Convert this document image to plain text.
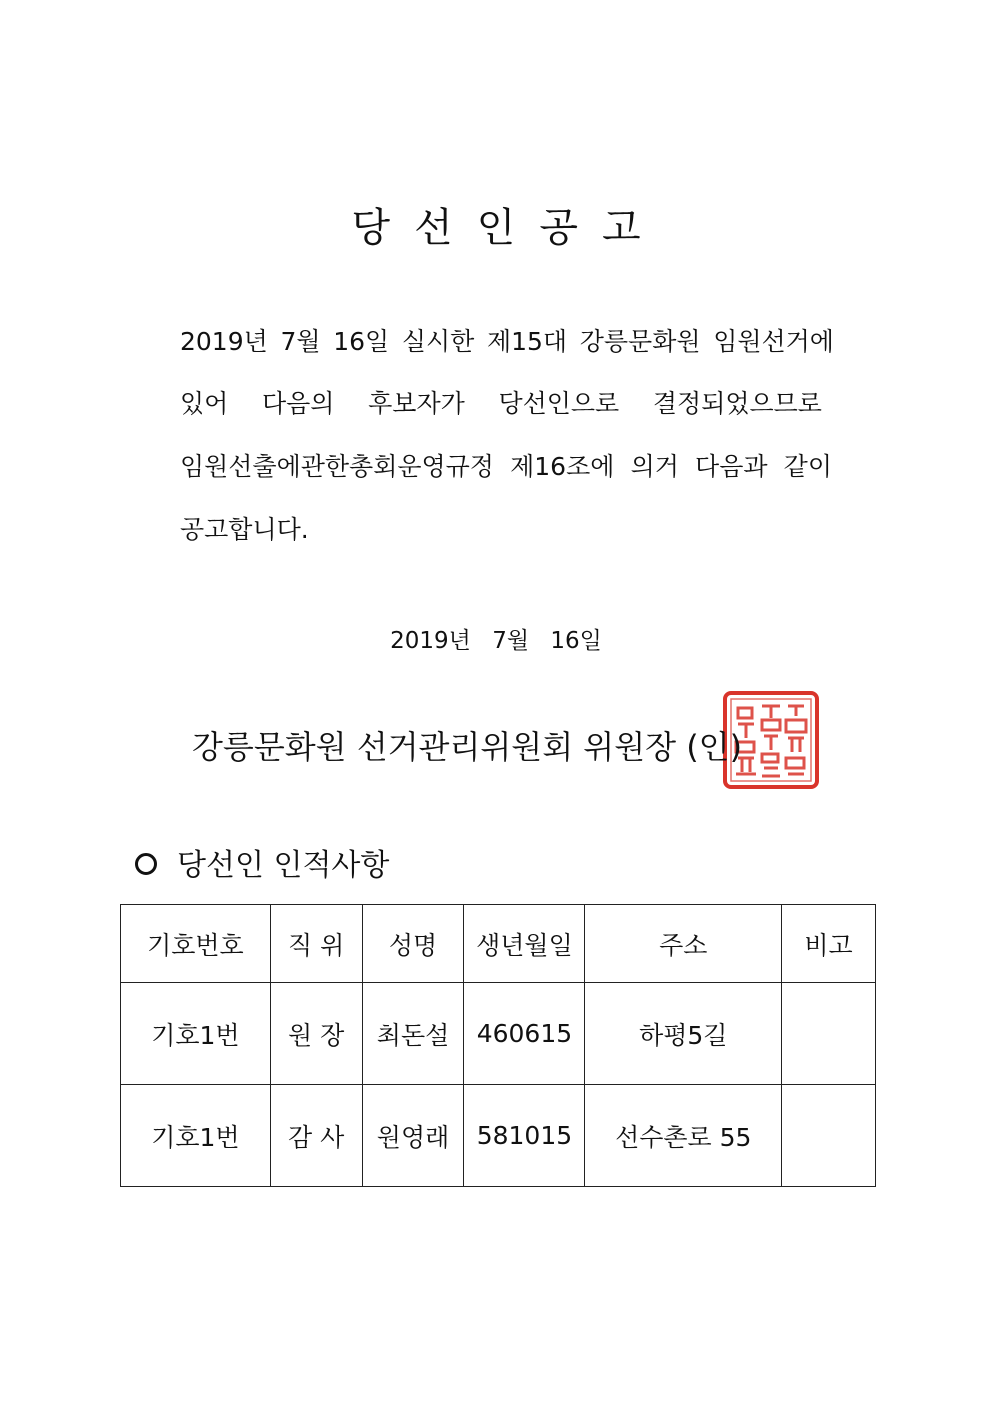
당 선 인 공 고
2019년 7월 16일 실시한 제15대 강릉문화원 임원선거에
있어 다음의 후보자가 당선인으로 결정되었으므로
임원선출에관한총회운영규정 제16조에 의거 다음과 같이
공고합니다.
2019년 7월 16일
강릉문화원 선거관리위원회 위원장 (인)
당선인 인적사항
기호번호	직 위	성명	생년월일	주소	비고
기호1번	원 장	최돈설	460615	하평5길	
기호1번	감 사	원영래	581015	선수촌로 55	
